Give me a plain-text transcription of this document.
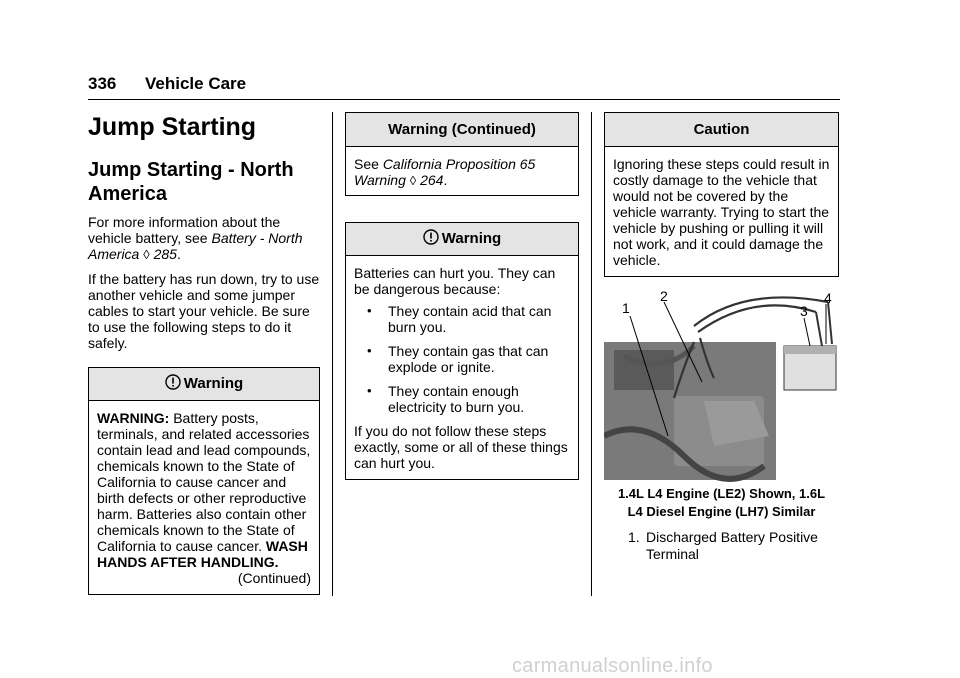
336 Vehicle Care
Jump Starting
Jump Starting - North America

For more information about the vehicle battery, see Battery - North America ◊ 285.

If the battery has run down, try to use another vehicle and some jumper cables to start your vehicle. Be sure to use the following steps to do it safely.

Warning

WARNING: Battery posts, terminals, and related accessories contain lead and lead compounds, chemicals known to the State of California to cause cancer and birth defects or other reproductive harm. Batteries also contain other chemicals known to the State of California to cause cancer. WASH HANDS AFTER HANDLING.

(Continued)
Warning (Continued)
See California Proposition 65 Warning ◊ 264.
Warning

Batteries can hurt you. They can be dangerous because:

• They contain acid that can burn you.
• They contain gas that can explode or ignite.
• They contain enough electricity to burn you.

If you do not follow these steps exactly, some or all of these things can hurt you.

Caution
Ignoring these steps could result in costly damage to the vehicle that would not be covered by the vehicle warranty. Trying to start the vehicle by pushing or pulling it will not work, and it could damage the vehicle.
1
2
3
4
1.4L L4 Engine (LE2) Shown, 1.6L
L4 Diesel Engine (LH7) Similar
1. Discharged Battery Positive Terminal
carmanualsonline.info
